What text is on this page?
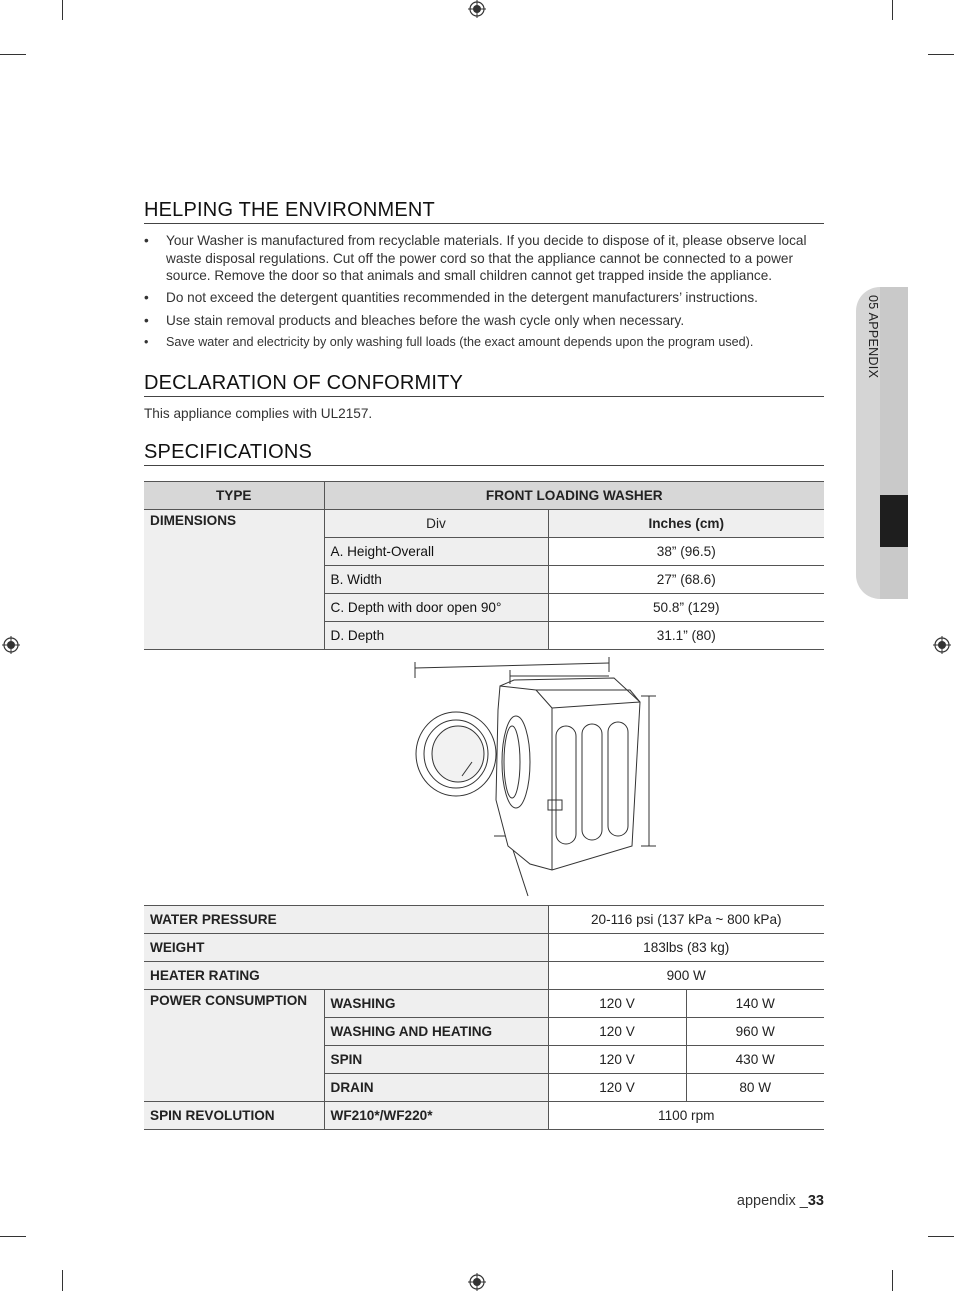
05 APPENDIX
HELPING THE ENVIRONMENT
• Your Washer is manufactured from recyclable materials. If you decide to dispose of it, please observe local waste disposal regulations. Cut off the power cord so that the appliance cannot be connected to a power source. Remove the door so that animals and small children cannot get trapped inside the appliance.
• Do not exceed the detergent quantities recommended in the detergent manufacturers’ instructions.
• Use stain removal products and bleaches before the wash cycle only when necessary.
• Save water and electricity by only washing full loads (the exact amount depends upon the program used).
DECLARATION OF CONFORMITY

This appliance complies with UL2157.

SPECIFICATIONS
TYPE	FRONT LOADING WASHER		
DIMENSIONS	Div	Inches (cm)	
	A. Height-Overall	38” (96.5)	
	B. Width	27” (68.6)	
	C. Depth with door open 90°	50.8” (129)	
	D. Depth	31.1” (80)	

WATER PRESSURE		20-116 psi (137 kPa ~ 800 kPa)	
WEIGHT		183lbs (83 kg)	
HEATER RATING		900 W	
POWER CONSUMPTION	WASHING	120 V	140 W
	WASHING AND HEATING	120 V	960 W
	SPIN	120 V	430 W
	DRAIN	120 V	80 W
SPIN REVOLUTION	WF210*/WF220*	1100 rpm	
appendix _33
